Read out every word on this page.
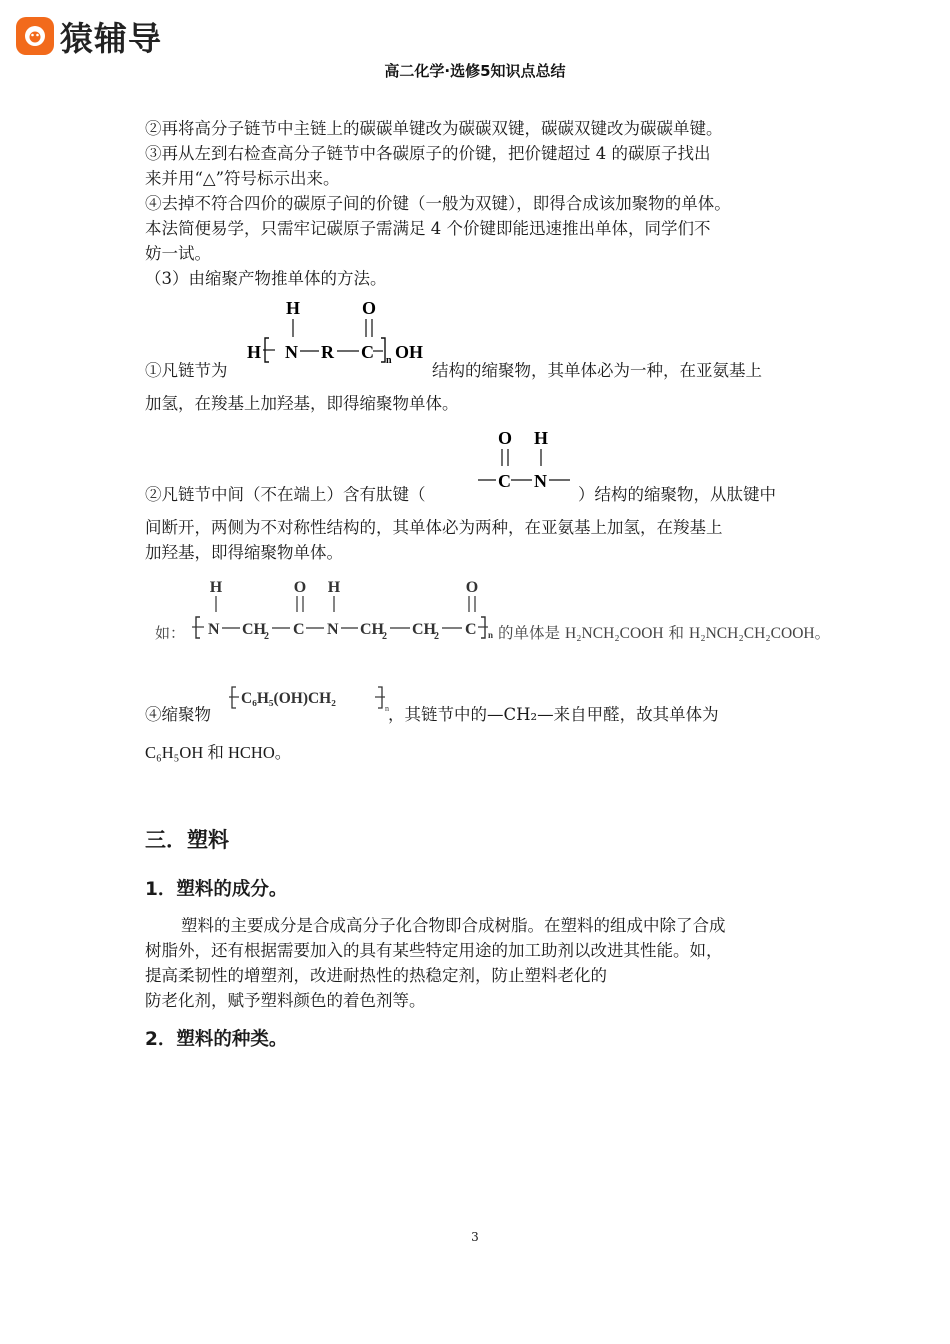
猿辅导
高二化学·选修5知识点总结
②再将高分子链节中主链上的碳碳单键改为碳碳双键，碳碳双键改为碳碳单键。
③再从左到右检查高分子链节中各碳原子的价键，把价键超过 4 的碳原子找出
来并用“△”符号标示出来。
④去掉不符合四价的碳原子间的价键（一般为双键），即得合成该加聚物的单体。
本法简便易学，只需牢记碳原子需满足 4 个价键即能迅速推出单体，同学们不
妨一试。
（3）由缩聚产物推单体的方法。
①凡链节为
H	O
H N R C n OH
结构的缩聚物，其单体必为一种，在亚氨基上
加氢，在羧基上加羟基，即得缩聚物单体。
②凡链节中间（不在端上）含有肽键（
O H
C N
）结构的缩聚物，从肽键中
间断开，两侧为不对称性结构的，其单体必为两种，在亚氨基上加氢，在羧基上
加羟基，即得缩聚物单体。
如：
H	O H	O
N CH
2 C N CH
2 CH
2 C n 的单体是 H₂NCH₂COOH 和 H₂NCH₂CH₂COOH。
④缩聚物
C₆H₅(OH)CH₂
n ，其链节中的—CH₂—来自甲醛，故其单体为
C₆H₅OH 和 HCHO。
三．塑料
1．塑料的成分。
塑料的主要成分是合成高分子化合物即合成树脂。在塑料的组成中除了合成
树脂外，还有根据需要加入的具有某些特定用途的加工助剂以改进其性能。如，
提高柔韧性的增塑剂，改进耐热性的热稳定剂，防止塑料老化的
防老化剂，赋予塑料颜色的着色剂等。
2．塑料的种类。
3
